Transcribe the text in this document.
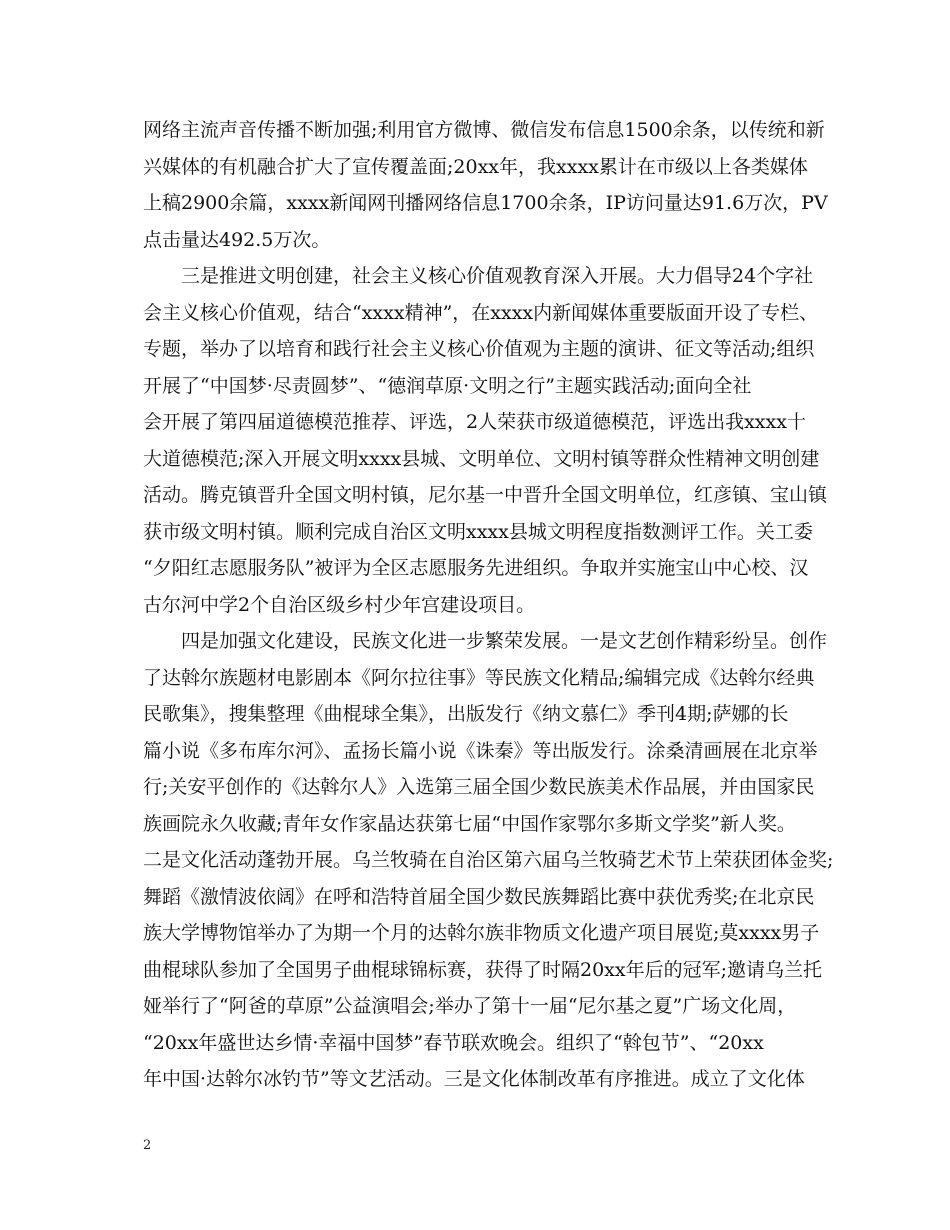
网络主流声音传播不断加强;利用官方微博、微信发布信息1500余条，以传统和新
兴媒体的有机融合扩大了宣传覆盖面;20xx年，我xxxx累计在市级以上各类媒体
上稿2900余篇，xxxx新闻网刊播网络信息1700余条，IP访问量达91.6万次，PV
点击量达492.5万次。
　　三是推进文明创建，社会主义核心价值观教育深入开展。大力倡导24个字社
会主义核心价值观，结合“xxxx精神”，在xxxx内新闻媒体重要版面开设了专栏、
专题，举办了以培育和践行社会主义核心价值观为主题的演讲、征文等活动;组织
开展了“中国梦·尽责圆梦”、“德润草原·文明之行”主题实践活动;面向全社
会开展了第四届道德模范推荐、评选，2人荣获市级道德模范，评选出我xxxx十
大道德模范;深入开展文明xxxx县城、文明单位、文明村镇等群众性精神文明创建
活动。腾克镇晋升全国文明村镇，尼尔基一中晋升全国文明单位，红彦镇、宝山镇
获市级文明村镇。顺利完成自治区文明xxxx县城文明程度指数测评工作。关工委
“夕阳红志愿服务队”被评为全区志愿服务先进组织。争取并实施宝山中心校、汉
古尔河中学2个自治区级乡村少年宫建设项目。
　　四是加强文化建设，民族文化进一步繁荣发展。一是文艺创作精彩纷呈。创作
了达斡尔族题材电影剧本《阿尔拉往事》等民族文化精品;编辑完成《达斡尔经典
民歌集》，搜集整理《曲棍球全集》，出版发行《纳文慕仁》季刊4期;萨娜的长
篇小说《多布库尔河》、孟扬长篇小说《诛秦》等出版发行。涂桑清画展在北京举
行;关安平创作的《达斡尔人》入选第三届全国少数民族美术作品展，并由国家民
族画院永久收藏;青年女作家晶达获第七届“中国作家鄂尔多斯文学奖”新人奖。
二是文化活动蓬勃开展。乌兰牧骑在自治区第六届乌兰牧骑艺术节上荣获团体金奖;
舞蹈《激情波依阔》在呼和浩特首届全国少数民族舞蹈比赛中获优秀奖;在北京民
族大学博物馆举办了为期一个月的达斡尔族非物质文化遗产项目展览;莫xxxx男子
曲棍球队参加了全国男子曲棍球锦标赛，获得了时隔20xx年后的冠军;邀请乌兰托
娅举行了“阿爸的草原”公益演唱会;举办了第十一届“尼尔基之夏”广场文化周，
“20xx年盛世达乡情·幸福中国梦”春节联欢晚会。组织了“斡包节”、“20xx
年中国·达斡尔冰钓节”等文艺活动。三是文化体制改革有序推进。成立了文化体
2
